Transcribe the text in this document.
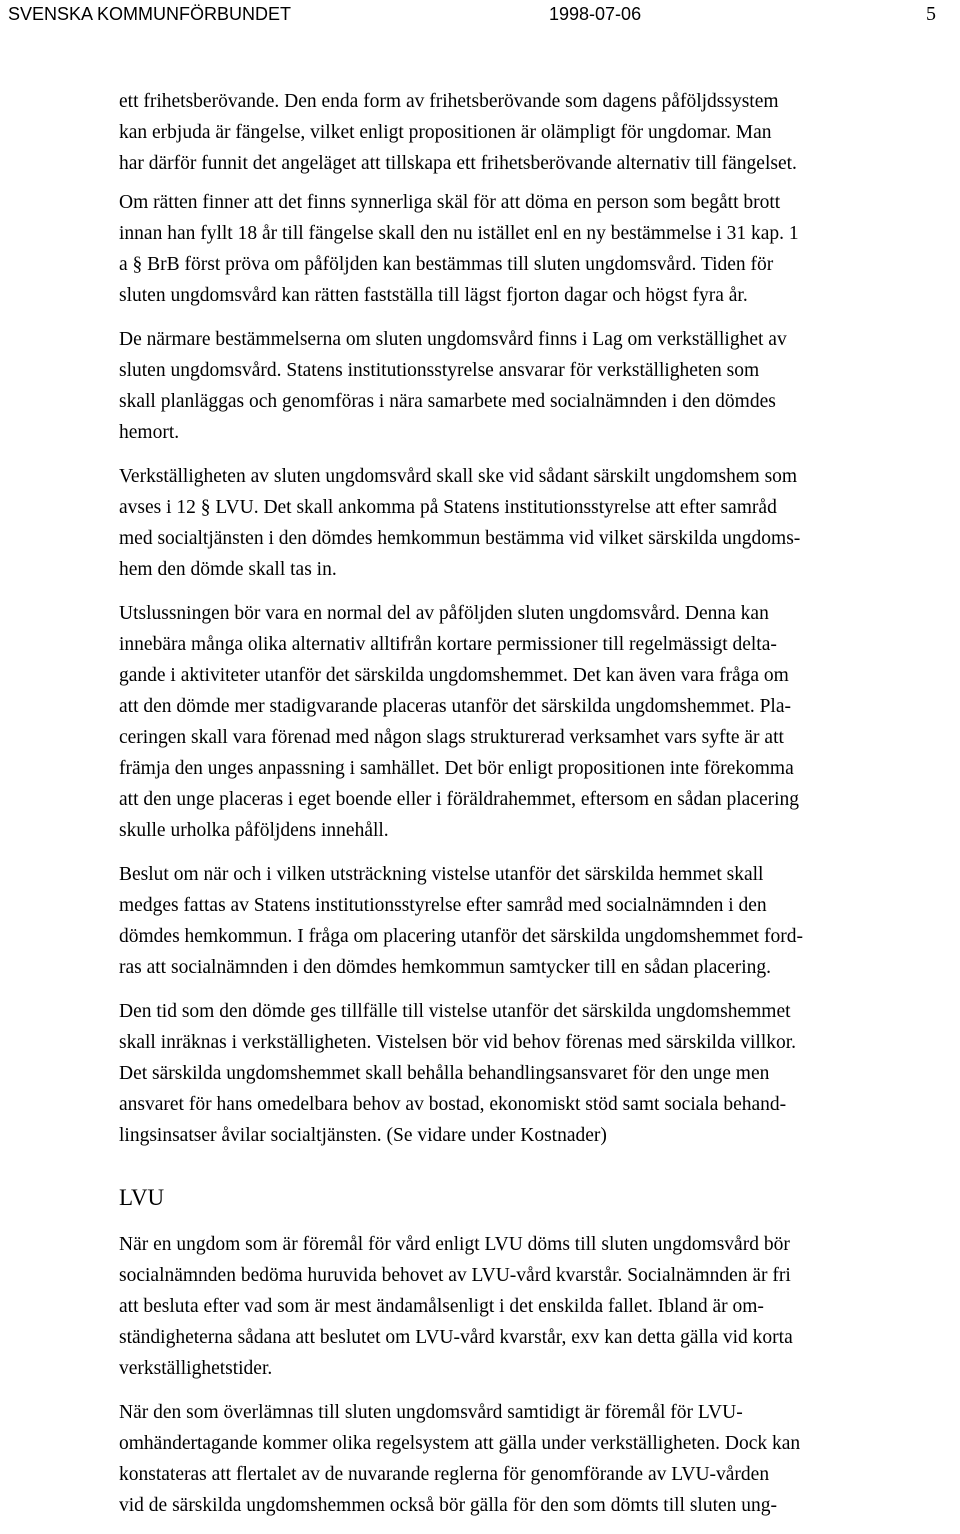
SVENSKA KOMMUNFÖRBUNDET	1998-07-06	5

ett frihetsberövande. Den enda form av frihetsberövande som dagens påföljdssystem
kan erbjuda är fängelse, vilket enligt propositionen är olämpligt för ungdomar. Man
har därför funnit det angeläget att tillskapa ett frihetsberövande alternativ till fängelset.

Om rätten finner att det finns synnerliga skäl för att döma en person som begått brott
innan han fyllt 18 år till fängelse skall den nu istället enl en ny bestämmelse i 31 kap. 1
a § BrB först pröva om påföljden kan bestämmas till sluten ungdomsvård. Tiden för
sluten ungdomsvård kan rätten fastställa till lägst fjorton dagar och högst fyra år.

De närmare bestämmelserna om sluten ungdomsvård finns i Lag om verkställighet av
sluten ungdomsvård. Statens institutionsstyrelse ansvarar för verkställigheten som
skall planläggas och genomföras i nära samarbete med socialnämnden i den dömdes
hemort.

Verkställigheten av sluten ungdomsvård skall ske vid sådant särskilt ungdomshem som
avses i 12 § LVU. Det skall ankomma på Statens institutionsstyrelse att efter samråd
med socialtjänsten i den dömdes hemkommun bestämma vid vilket särskilda ungdoms-
hem den dömde skall tas in.

Utslussningen bör vara en normal del av påföljden sluten ungdomsvård. Denna kan
innebära många olika alternativ alltifrån kortare permissioner till regelmässigt delta-
gande i aktiviteter utanför det särskilda ungdomshemmet. Det kan även vara fråga om
att den dömde mer stadigvarande placeras utanför det särskilda ungdomshemmet. Pla-
ceringen skall vara förenad med någon slags strukturerad verksamhet vars syfte är att
främja den unges anpassning i samhället. Det bör enligt propositionen inte förekomma
att den unge placeras i eget boende eller i föräldrahemmet, eftersom en sådan placering
skulle urholka påföljdens innehåll.

Beslut om när och i vilken utsträckning vistelse utanför det särskilda hemmet skall
medges fattas av Statens institutionsstyrelse efter samråd med socialnämnden i den
dömdes hemkommun. I fråga om placering utanför det särskilda ungdomshemmet ford-
ras att socialnämnden i den dömdes hemkommun samtycker till en sådan placering.

Den tid som den dömde ges tillfälle till vistelse utanför det särskilda ungdomshemmet
skall inräknas i verkställigheten. Vistelsen bör vid behov förenas med särskilda villkor.
Det särskilda ungdomshemmet skall behålla behandlingsansvaret för den unge men
ansvaret för hans omedelbara behov av bostad, ekonomiskt stöd samt sociala behand-
lingsinsatser åvilar socialtjänsten. (Se vidare under Kostnader)

LVU

När en ungdom som är föremål för vård enligt LVU döms till sluten ungdomsvård bör
socialnämnden bedöma huruvida behovet av LVU-vård kvarstår. Socialnämnden är fri
att besluta efter vad som är mest ändamålsenligt i det enskilda fallet. Ibland är om-
ständigheterna sådana att beslutet om LVU-vård kvarstår, exv kan detta gälla vid korta
verkställighetstider.

När den som överlämnas till sluten ungdomsvård samtidigt är föremål för LVU-
omhändertagande kommer olika regelsystem att gälla under verkställigheten. Dock kan
konstateras att flertalet av de nuvarande reglerna för genomförande av LVU-vården
vid de särskilda ungdomshemmen också bör gälla för den som dömts till sluten ung-
